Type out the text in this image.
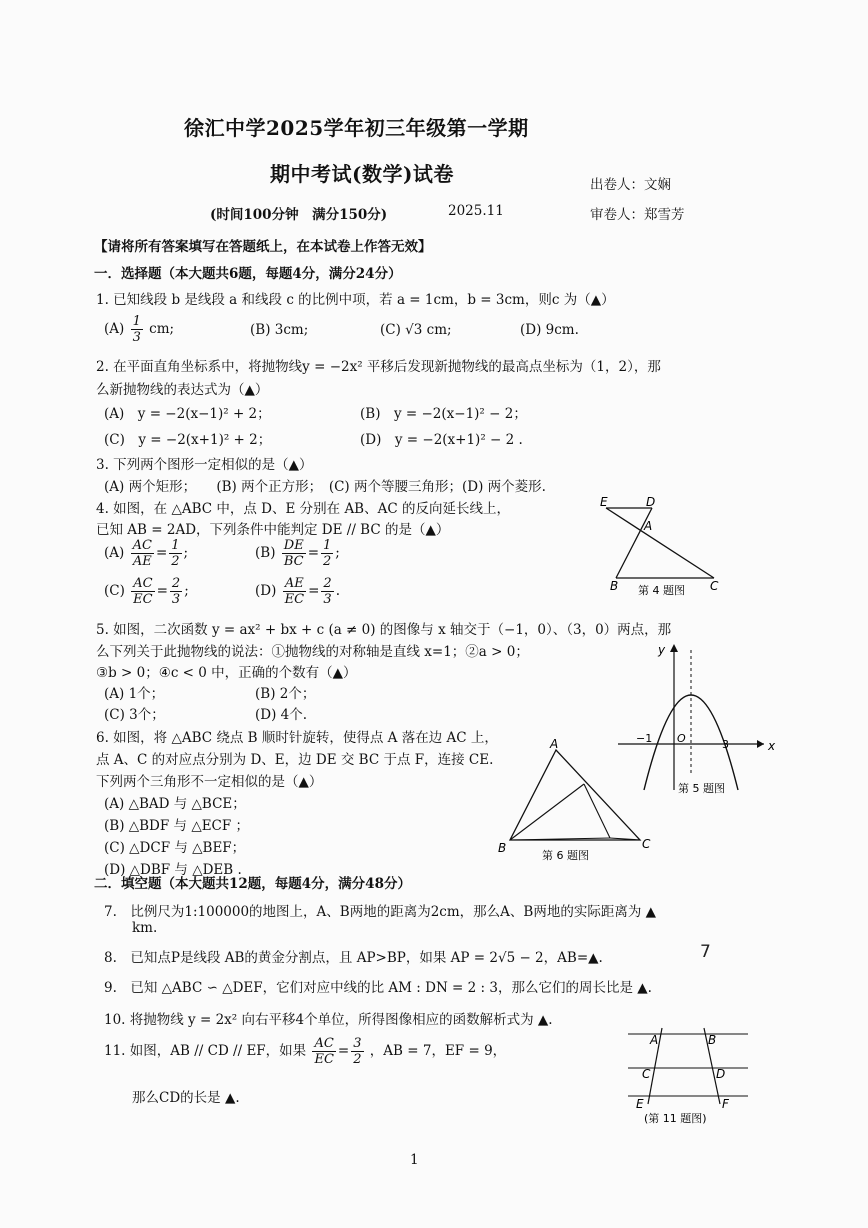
徐汇中学2025学年初三年级第一学期
期中考试(数学)试卷	出卷人：文娴
(时间100分钟　满分150分)	2025.11	审卷人：郑雪芳
【请将所有答案填写在答题纸上，在本试卷上作答无效】
一．选择题（本大题共6题，每题4分，满分24分）
1. 已知线段 b 是线段 a 和线段 c 的比例中项，若 a = 1cm，b = 3cm，则c 为（▲）
$(A) \frac{1}{3}$ cm;	(B) 3cm;	(C) √3 cm;	(D) 9cm.
2. 在平面直角坐标系中，将抛物线y = −2x² 平移后发现新抛物线的最高点坐标为（1，2），那
么新抛物线的表达式为（▲）
(A)　y = −2(x−1)² + 2；	(B)　y = −2(x−1)² − 2；
(C)　y = −2(x+1)² + 2；	(D)　y = −2(x+1)² − 2 .
3. 下列两个图形一定相似的是（▲）
(A) 两个矩形；　　(B) 两个正方形；　(C) 两个等腰三角形；(D) 两个菱形.
4. 如图，在 △ABC 中，点 D、E 分别在 AB、AC 的反向延长线上，
已知 AB = 2AD，下列条件中能判定 DE // BC 的是（▲）
$(A) \frac{AC}{AE} = \frac{1}{2}$ ;	$(B) \frac{DE}{BC} = \frac{1}{2}$ ;
$(C) \frac{AC}{EC} = \frac{2}{3}$ ;	$(D) \frac{AE}{EC} = \frac{2}{3}$ .
E	D
A
B	C
第 4 题图
5. 如图，二次函数 y = ax² + bx + c (a ≠ 0) 的图像与 x 轴交于（−1，0）、（3，0）两点，那
么下列关于此抛物线的说法：①抛物线的对称轴是直线 x=1；②a > 0；
③b > 0；④c < 0 中，正确的个数有（▲）
(A) 1个；	(B) 2个；
(C) 3个；	(D) 4个.
y
x
−1 O	3
第 5 题图
6. 如图，将 △ABC 绕点 B 顺时针旋转，使得点 A 落在边 AC 上，
点 A、C 的对应点分别为 D、E，边 DE 交 BC 于点 F，连接 CE.
下列两个三角形不一定相似的是（▲）
(A) △BAD 与 △BCE；
(B) △BDF 与 △ECF ；
(C) △DCF 与 △BEF；
(D) △DBF 与 △DEB .
A
B	C
第 6 题图
二．填空题（本大题共12题，每题4分，满分48分）
7.　比例尺为1:100000的地图上，A、B两地的距离为2cm，那么A、B两地的实际距离为 ▲
km.
8.　已知点P是线段 AB的黄金分割点，且 AP>BP，如果 AP = 2√5 − 2，AB=▲.	7
9.　已知 △ABC ∽ △DEF，它们对应中线的比 AM : DN = 2 : 3，那么它们的周长比是 ▲.
10. 将抛物线 y = 2x² 向右平移4个单位，所得图像相应的函数解析式为 ▲.
11. 如图，AB // CD // EF，如果 $\frac{AC}{EC} = \frac{3}{2}$ ，AB = 7，EF = 9，
那么CD的长是 ▲.
A	B
C	D
E	F
(第 11 题图)
1
